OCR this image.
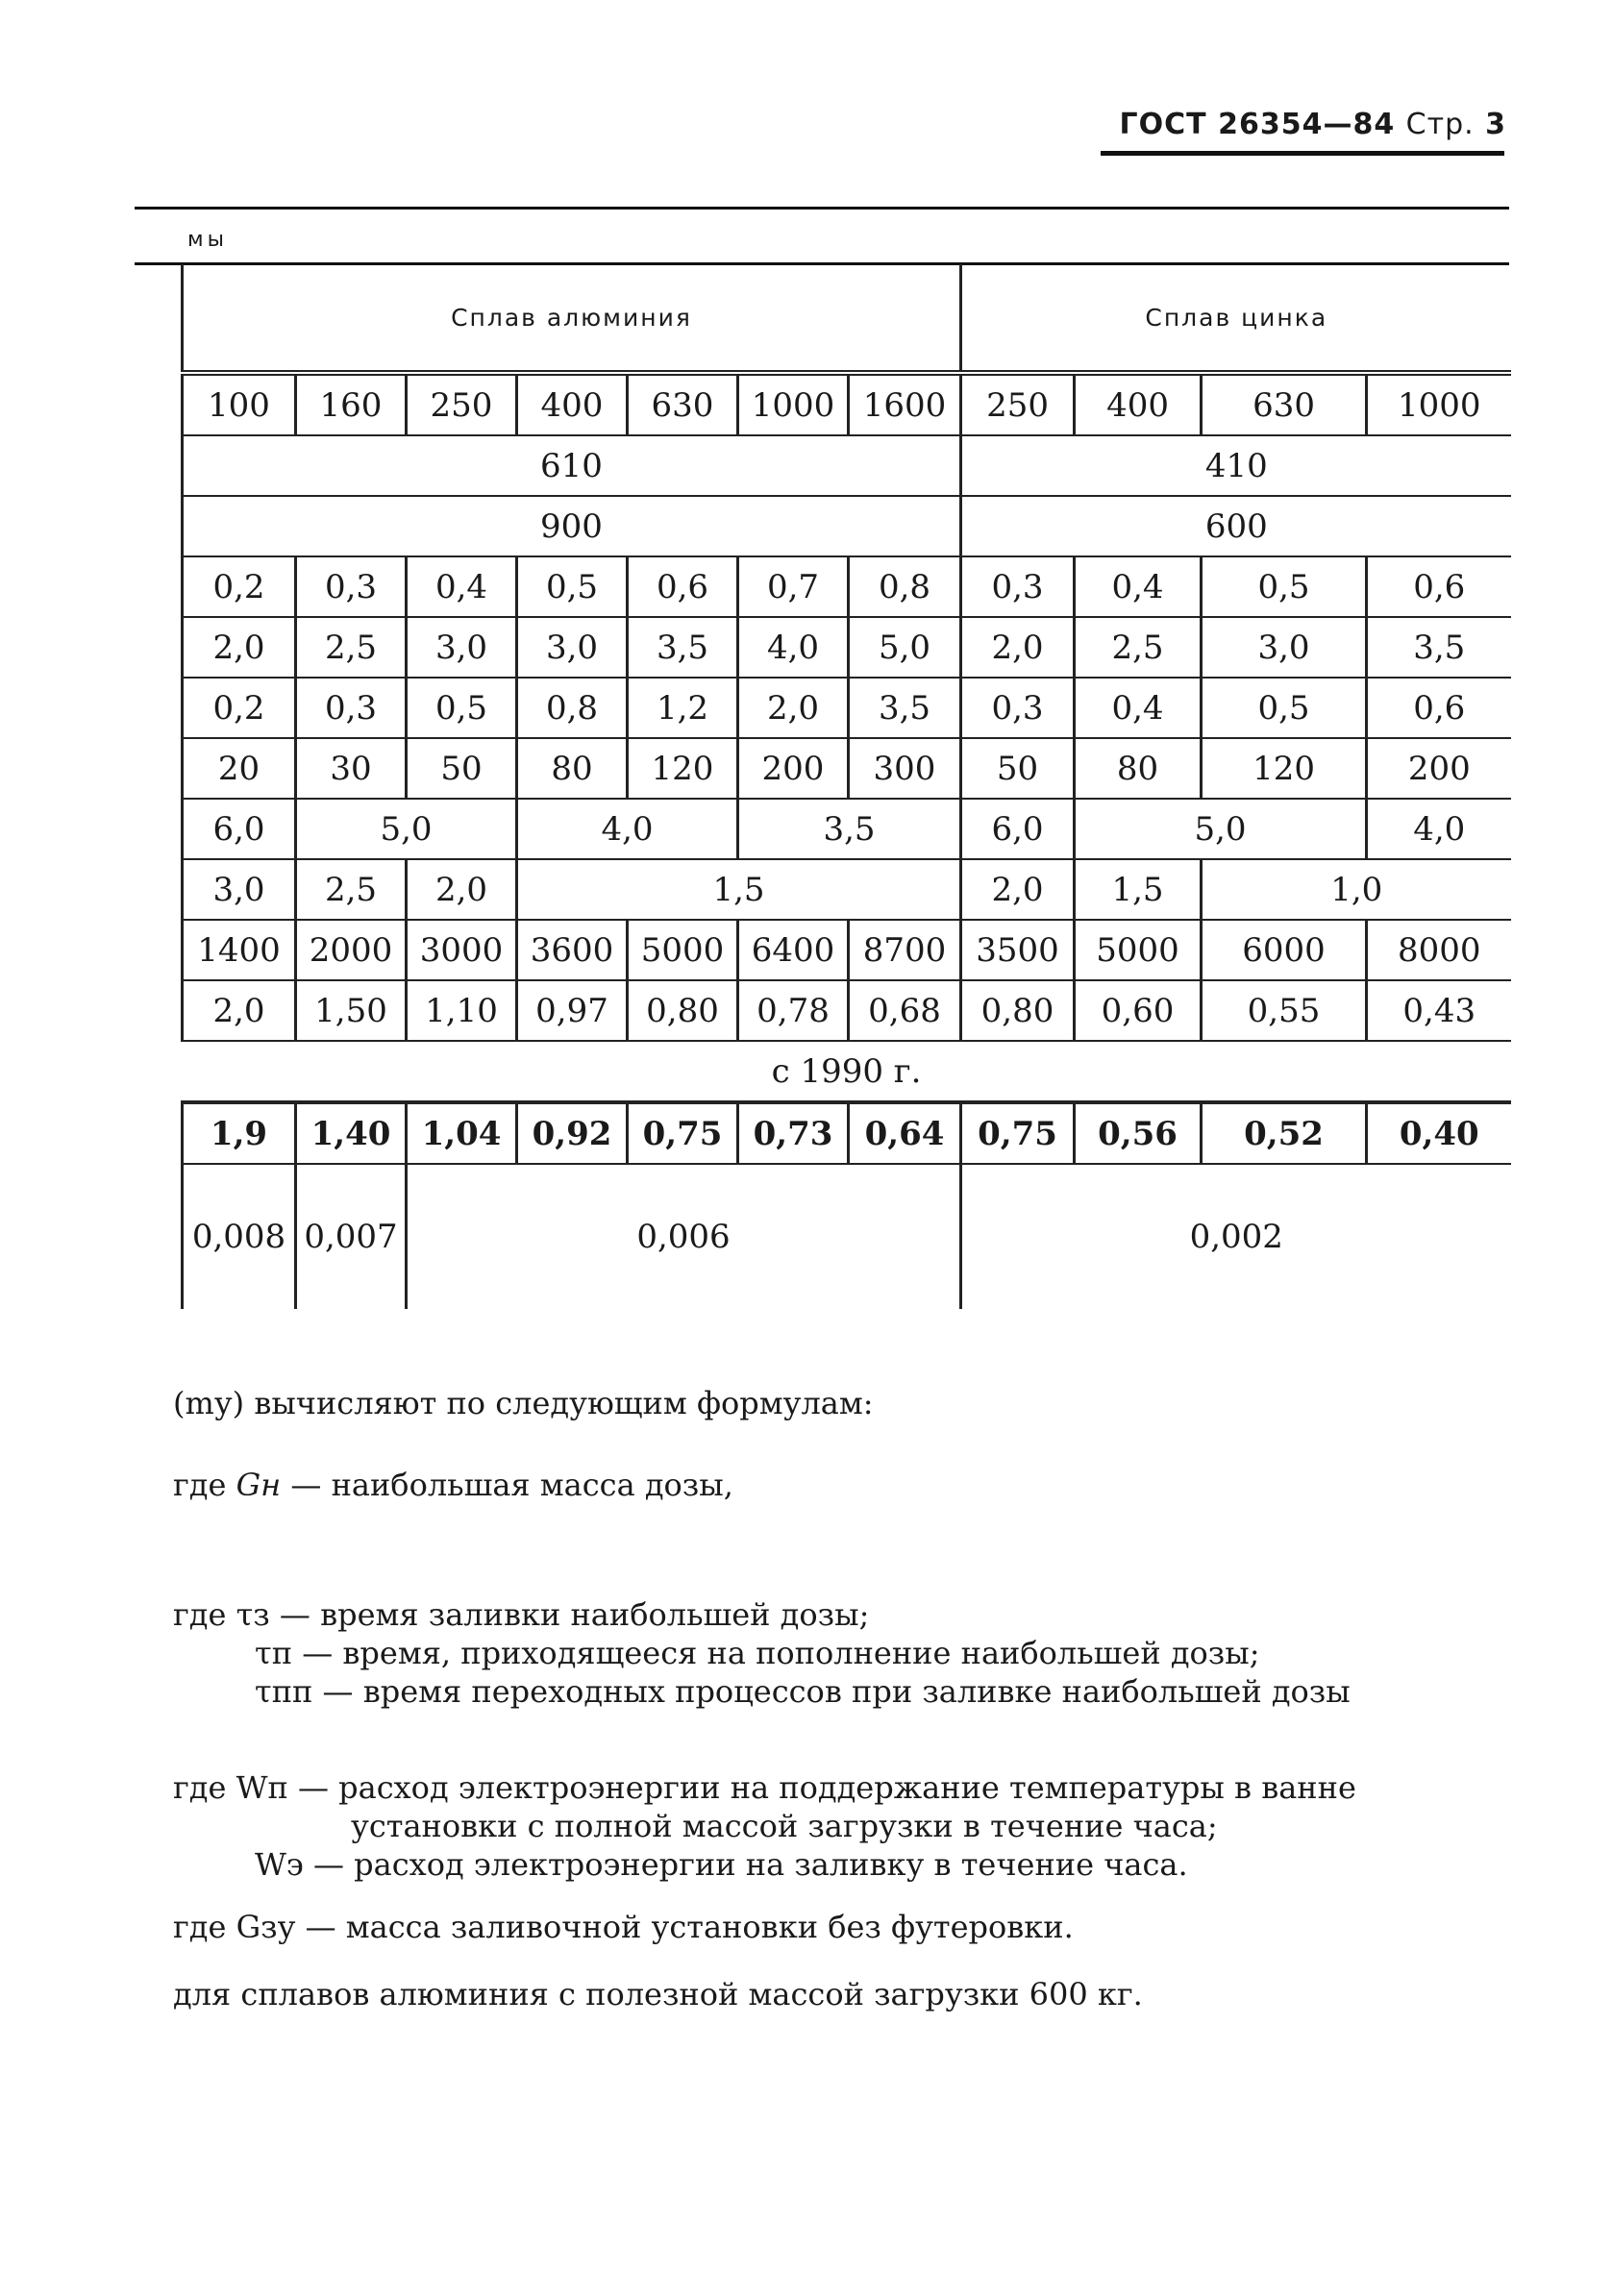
ГОСТ 26354—84 Стр. 3
мы
Сплав алюминия							Сплав цинка			
100	160	250	400	630	1000	1600	250	400	630	1000
610							410			
900							600			
0,2	0,3	0,4	0,5	0,6	0,7	0,8	0,3	0,4	0,5	0,6
2,0	2,5	3,0	3,0	3,5	4,0	5,0	2,0	2,5	3,0	3,5
0,2	0,3	0,5	0,8	1,2	2,0	3,5	0,3	0,4	0,5	0,6
20	30	50	80	120	200	300	50	80	120	200
6,0	5,0		4,0		3,5		6,0	5,0		4,0
3,0	2,5	2,0	1,5				2,0	1,5	1,0	
1400	2000	3000	3600	5000	6400	8700	3500	5000	6000	8000
2,0	1,50	1,10	0,97	0,80	0,78	0,68	0,80	0,60	0,55	0,43
с 1990 г.										
1,9	1,40	1,04	0,92	0,75	0,73	0,64	0,75	0,56	0,52	0,40
0,008	0,007	0,006					0,002			
(mу) вычисляют по следующим формулам:
где Gн — наибольшая масса дозы,
где τз — время заливки наибольшей дозы;
τп — время, приходящееся на пополнение наибольшей дозы;
τпп — время переходных процессов при заливке наибольшей дозы
где Wп — расход электроэнергии на поддержание температуры в ванне
установки с полной массой загрузки в течение часа;
Wэ — расход электроэнергии на заливку в течение часа.
где Gзу — масса заливочной установки без футеровки.
для сплавов алюминия с полезной массой загрузки 600 кг.
